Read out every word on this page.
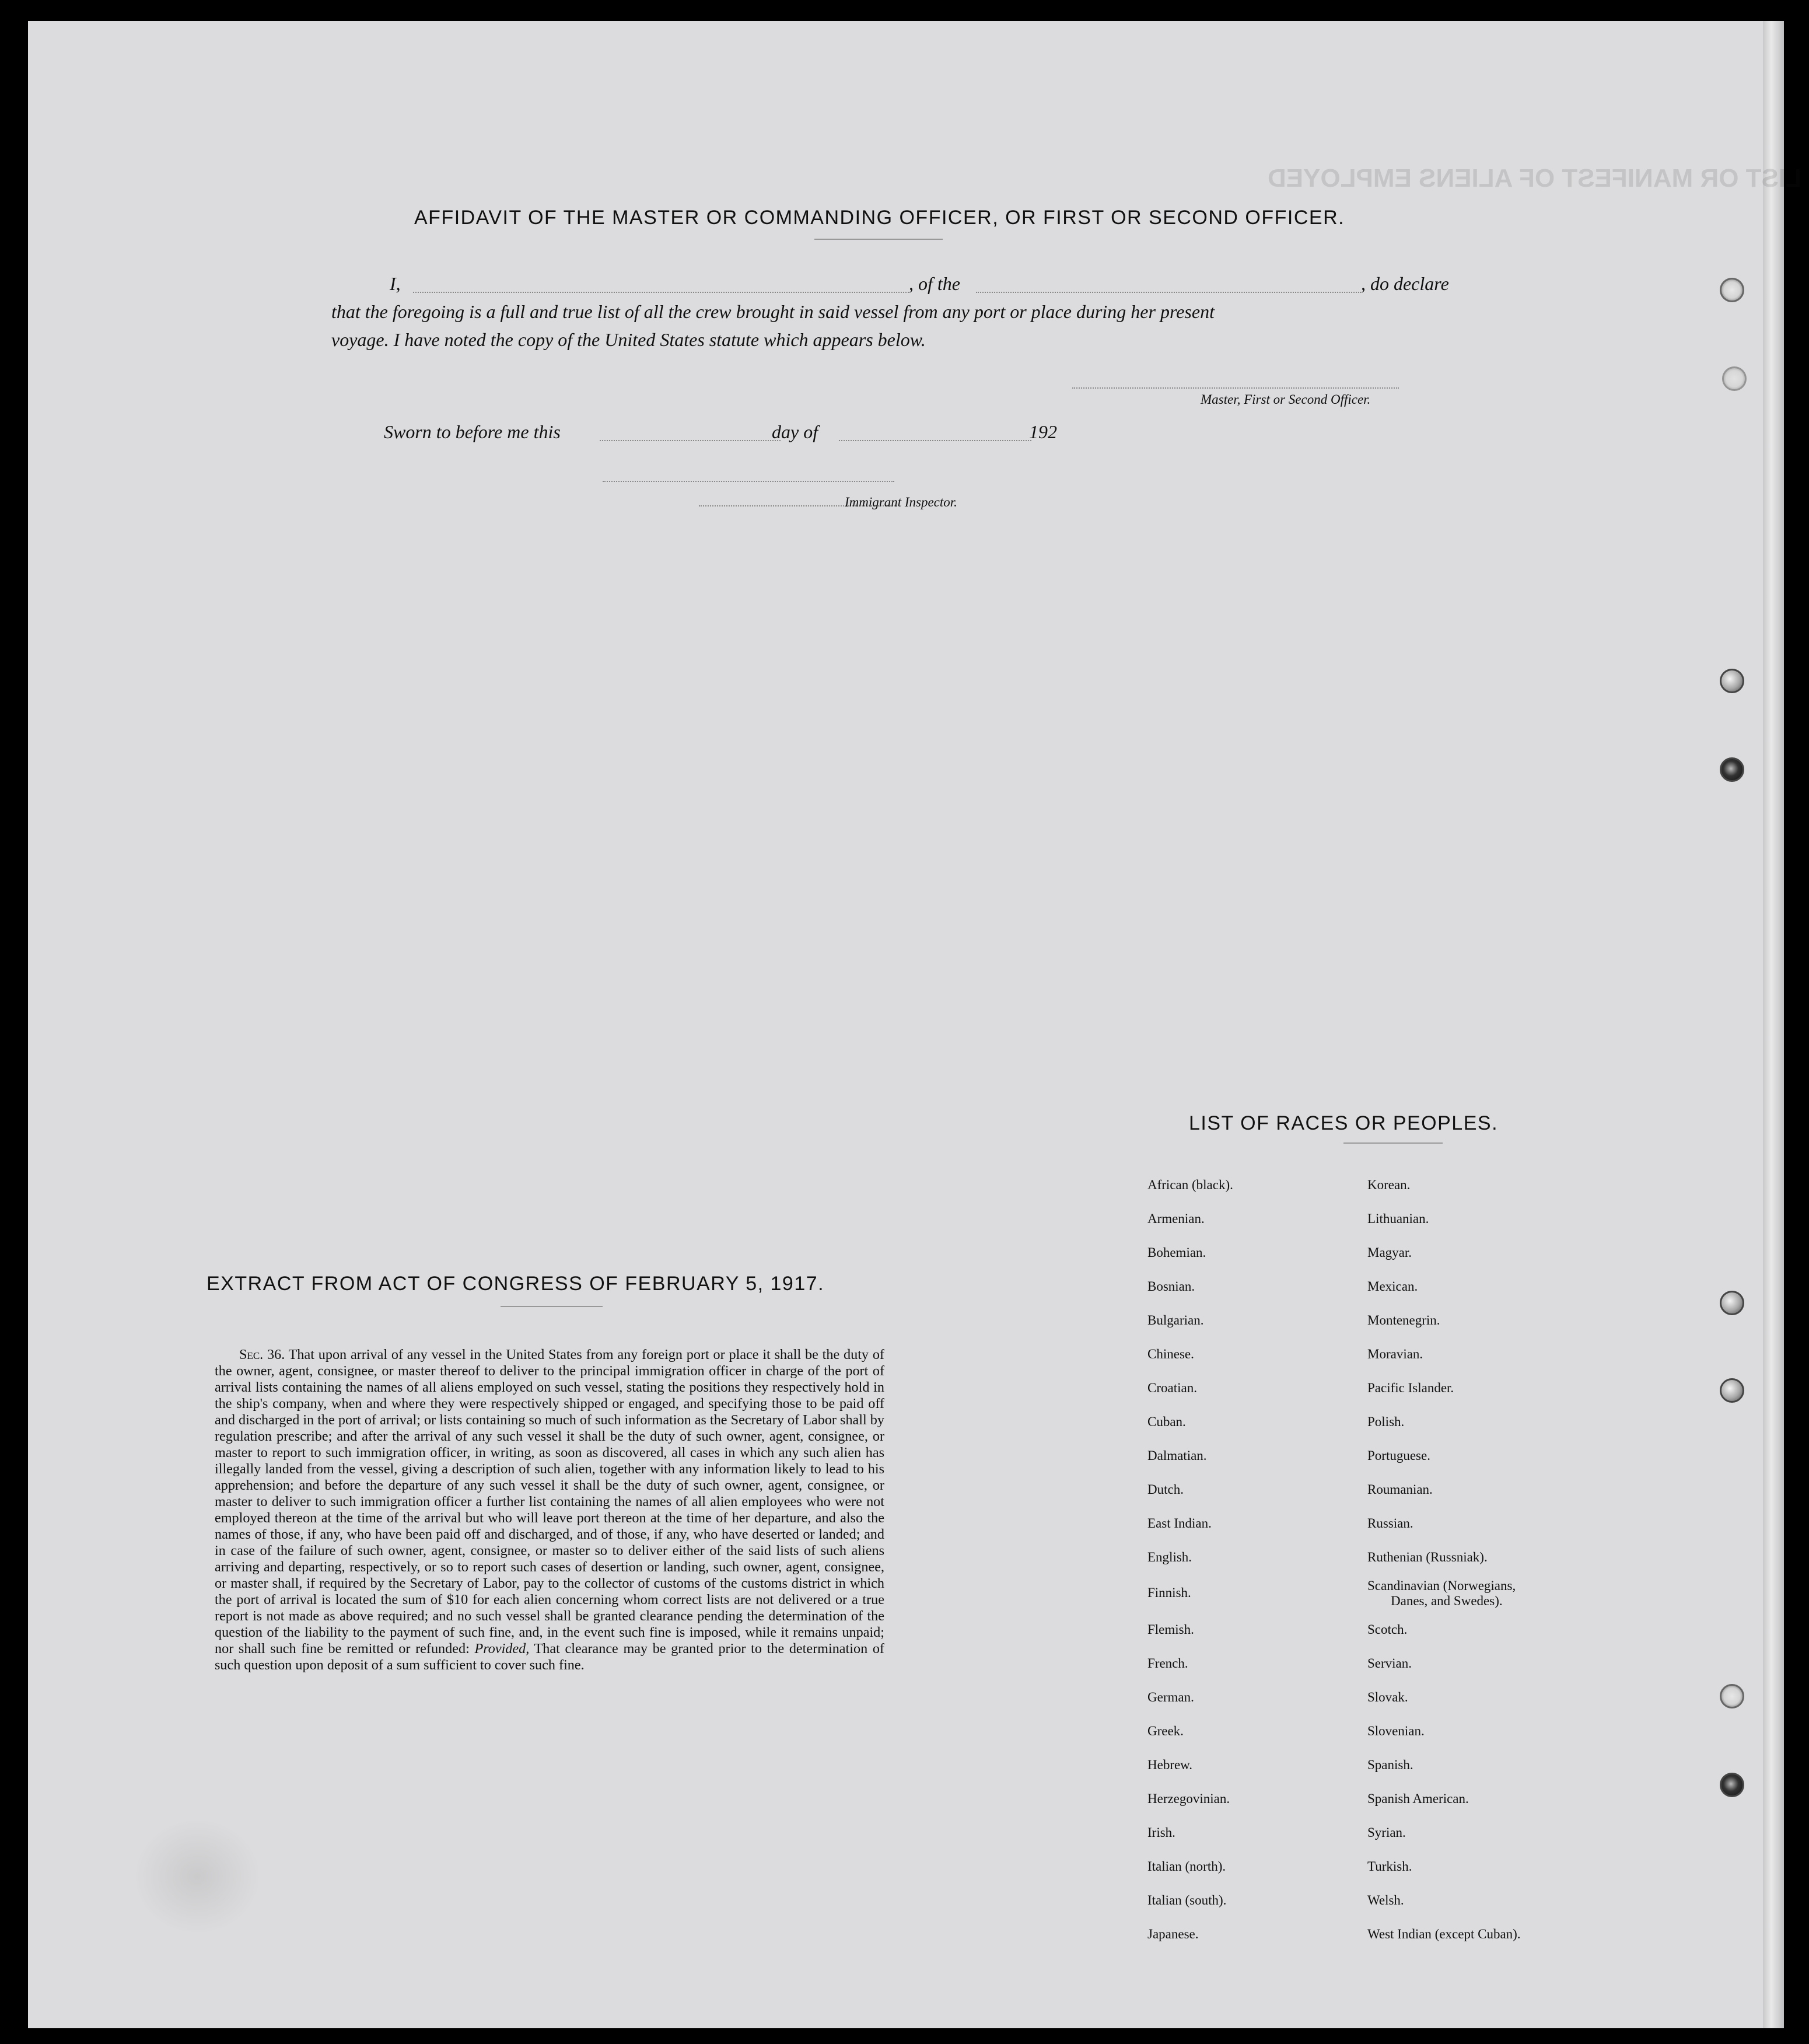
LIST OR MANIFEST OF ALIENS EMPLOYED
AFFIDAVIT OF THE MASTER OR COMMANDING OFFICER, OR FIRST OR SECOND OFFICER.
I,	, of the	, do declare
that the foregoing is a full and true list of all the crew brought in said vessel from any port or place during her present
voyage. I have noted the copy of the United States statute which appears below.
Master, First or Second Officer.
Sworn to before me this	day of	192
Immigrant Inspector.
EXTRACT FROM ACT OF CONGRESS OF FEBRUARY 5, 1917.
Sec. 36. That upon arrival of any vessel in the United States from any foreign port or place it shall be the duty of the owner, agent, consignee, or master thereof to deliver to the principal immigration officer in charge of the port of arrival lists containing the names of all aliens employed on such vessel, stating the positions they respectively hold in the ship's company, when and where they were respectively shipped or engaged, and specifying those to be paid off and discharged in the port of arrival; or lists containing so much of such information as the Secretary of Labor shall by regulation prescribe; and after the arrival of any such vessel it shall be the duty of such owner, agent, consignee, or master to report to such immigration officer, in writing, as soon as discovered, all cases in which any such alien has illegally landed from the vessel, giving a description of such alien, together with any information likely to lead to his apprehension; and before the departure of any such vessel it shall be the duty of such owner, agent, consignee, or master to deliver to such immigration officer a further list containing the names of all alien employees who were not employed thereon at the time of the arrival but who will leave port thereon at the time of her departure, and also the names of those, if any, who have been paid off and discharged, and of those, if any, who have deserted or landed; and in case of the failure of such owner, agent, consignee, or master so to deliver either of the said lists of such aliens arriving and departing, respectively, or so to report such cases of desertion or landing, such owner, agent, consignee, or master shall, if required by the Secretary of Labor, pay to the collector of customs of the customs district in which the port of arrival is located the sum of $10 for each alien concerning whom correct lists are not delivered or a true report is not made as above required; and no such vessel shall be granted clearance pending the determination of the question of the liability to the payment of such fine, and, in the event such fine is imposed, while it remains unpaid; nor shall such fine be remitted or refunded: Provided, That clearance may be granted prior to the determination of such question upon deposit of a sum sufficient to cover such fine.
LIST OF RACES OR PEOPLES.
African (black).
Armenian.
Bohemian.
Bosnian.
Bulgarian.
Chinese.
Croatian.
Cuban.
Dalmatian.
Dutch.
East Indian.
English.
Finnish.
Flemish.
French.
German.
Greek.
Hebrew.
Herzegovinian.
Irish.
Italian (north).
Italian (south).
Japanese.
Korean.
Lithuanian.
Magyar.
Mexican.
Montenegrin.
Moravian.
Pacific Islander.
Polish.
Portuguese.
Roumanian.
Russian.
Ruthenian (Russniak).
Scandinavian (Norwegians,
Danes, and Swedes).
Scotch.
Servian.
Slovak.
Slovenian.
Spanish.
Spanish American.
Syrian.
Turkish.
Welsh.
West Indian (except Cuban).
